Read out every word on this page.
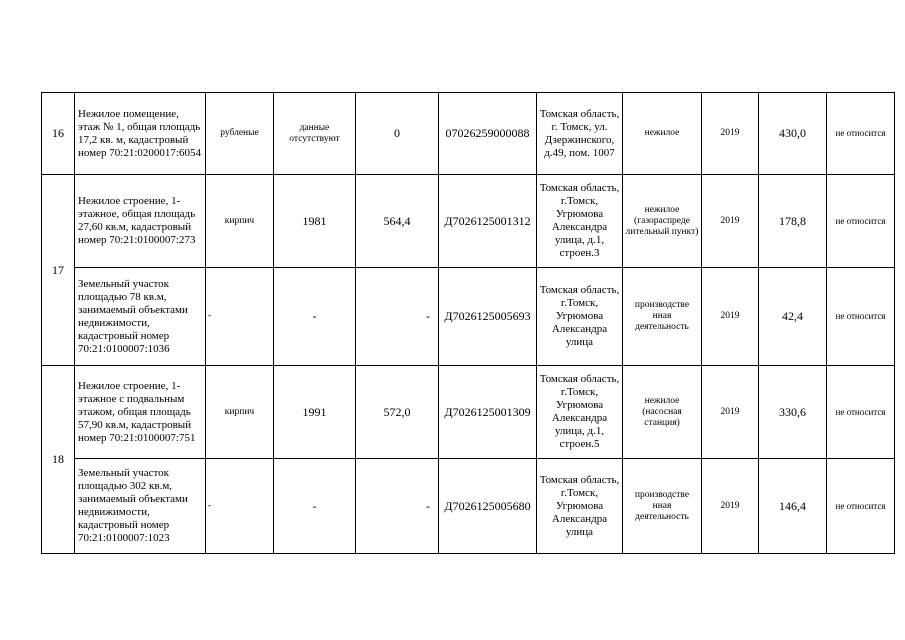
16	Нежилое помещение, этаж № 1, общая площадь 17,2 кв. м, кадастровый номер 70:21:0200017:6054	рубленые	данные отсутствуют	0	07026259000088	Томская область, г. Томск, ул. Дзержинского, д.49, пом. 1007	нежилое	2019	430,0	не относится
17	Нежилое строение, 1-этажное, общая площадь 27,60 кв.м, кадастровый номер 70:21:0100007:273	кирпич	1981	564,4	Д7026125001312	Томская область, г.Томск, Угрюмова Александра улица, д.1, строен.3	нежилое (газораспреде лительный пункт)	2019	178,8	не относится
	Земельный участок площадью 78 кв.м, занимаемый объектами недвижимости, кадастровый номер 70:21:0100007:1036	-	-	-	Д7026125005693	Томская область, г.Томск, Угрюмова Александра улица	производстве нная деятельность	2019	42,4	не относится
18	Нежилое строение, 1-этажное с подвальным этажом, общая площадь 57,90 кв.м, кадастровый номер 70:21:0100007:751	кирпич	1991	572,0	Д7026125001309	Томская область, г.Томск, Угрюмова Александра улица, д.1, строен.5	нежилое (насосная станция)	2019	330,6	не относится
	Земельный участок площадью 302 кв.м, занимаемый объектами недвижимости, кадастровый номер 70:21:0100007:1023	-	-	-	Д7026125005680	Томская область, г.Томск, Угрюмова Александра улица	производстве нная деятельность	2019	146,4	не относится
